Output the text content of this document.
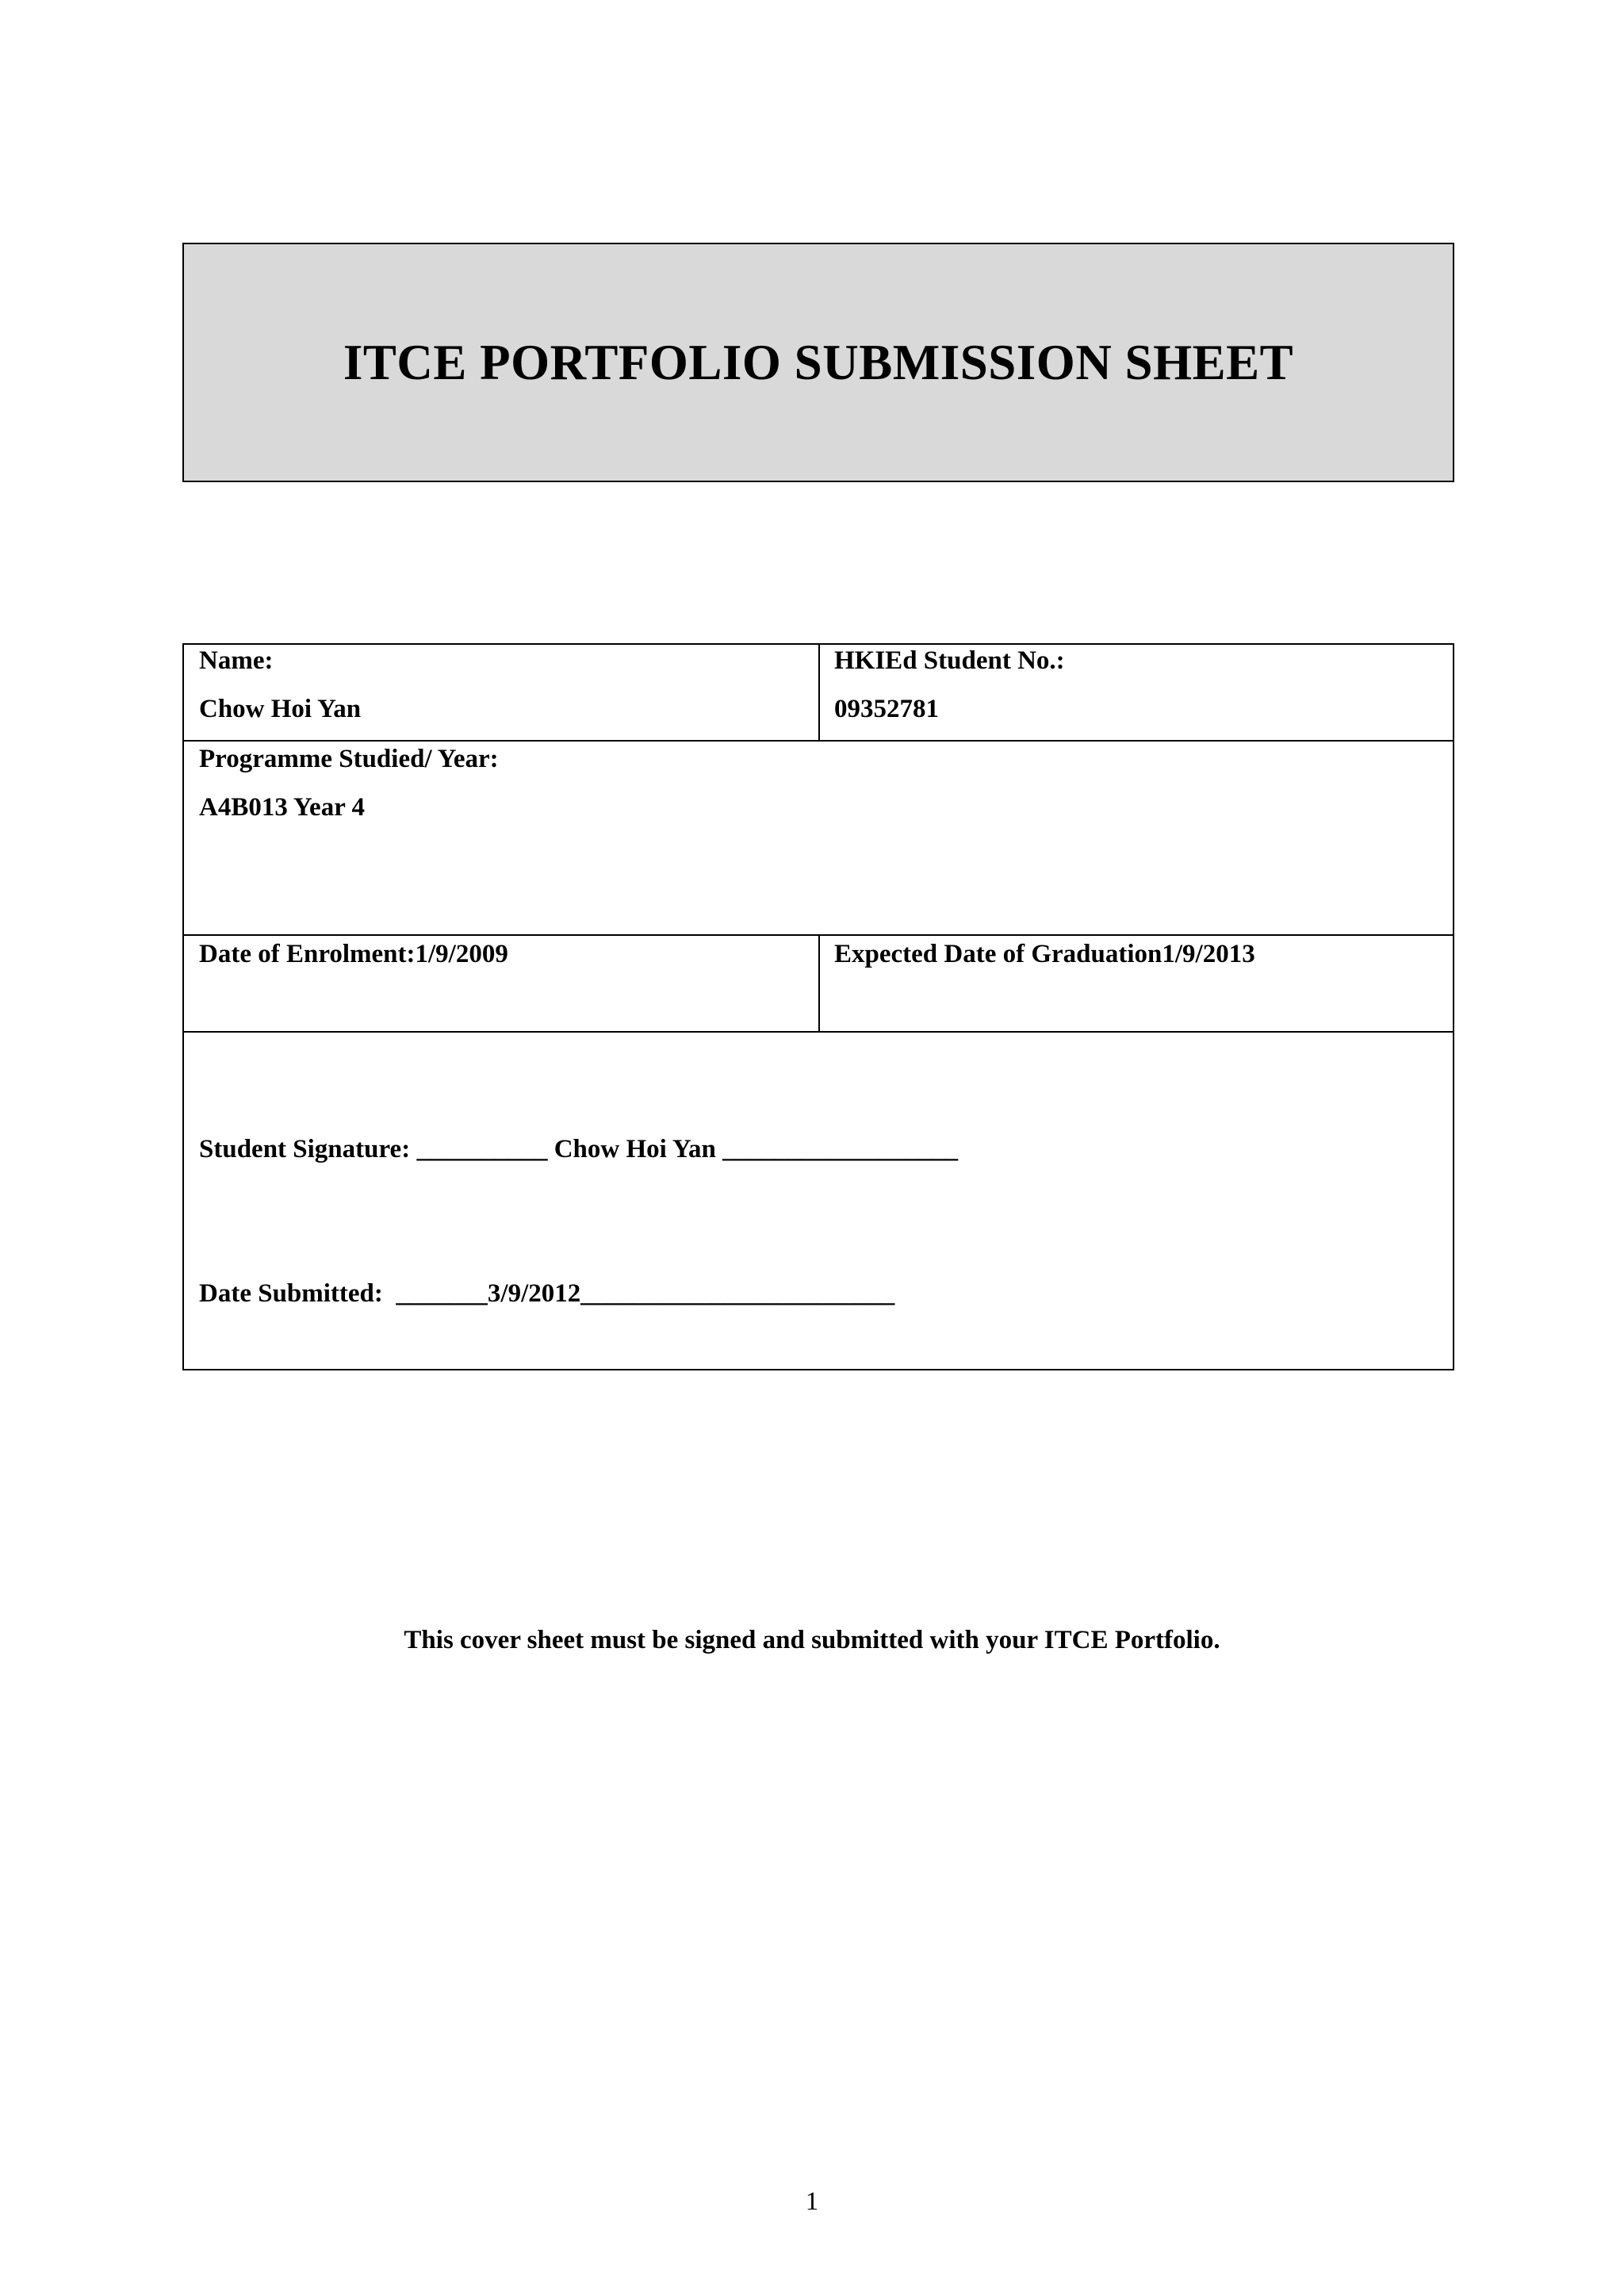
ITCE PORTFOLIO SUBMISSION SHEET
Name:
Chow Hoi Yan
HKIEd Student No.:
09352781
Programme Studied/ Year:
A4B013 Year 4
Date of Enrolment:1/9/2009	Expected Date of Graduation1/9/2013
Student Signature: __________ Chow Hoi Yan __________________
Date Submitted:  _______3/9/2012________________________
This cover sheet must be signed and submitted with your ITCE Portfolio.
1
